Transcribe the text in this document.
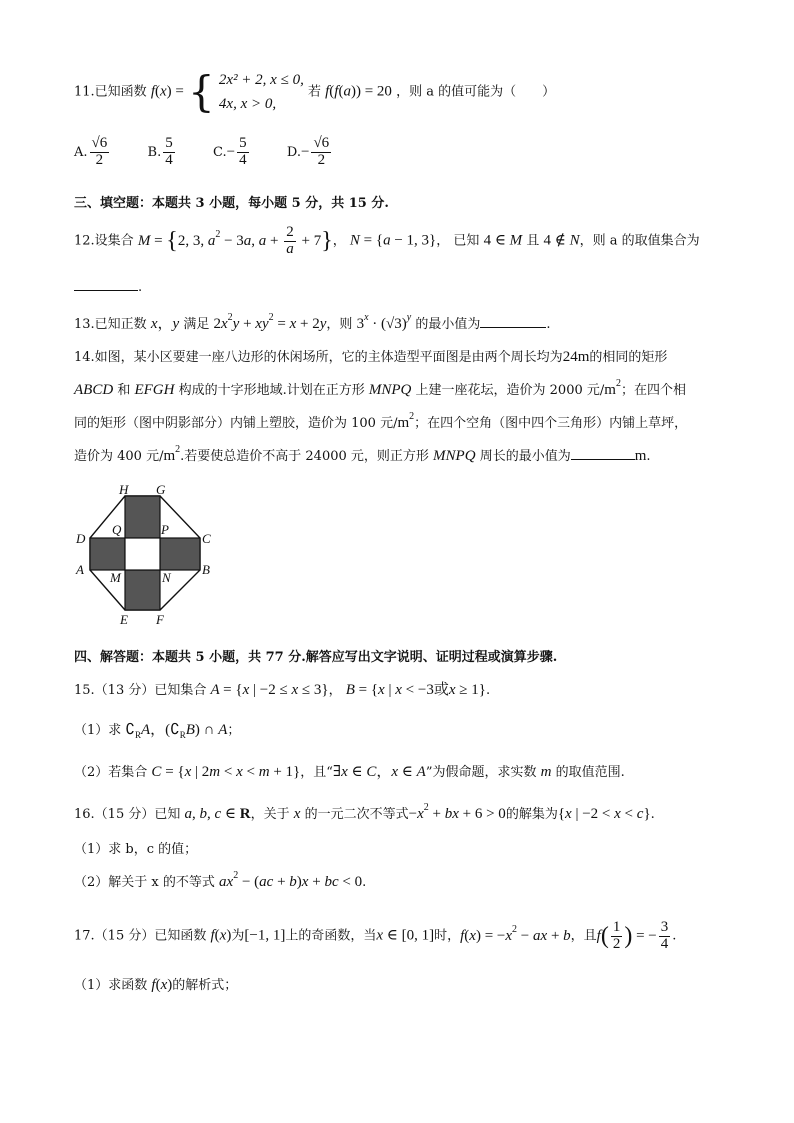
11.已知函数 f(x) = { 2x² + 2, x ≤ 0,
4x, x > 0,
若 f(f(a)) = 20 ，则 a 的值可能为（　　）
A. $\frac{√6}{2}$	B. $\frac{5}{4}$	$C.- \frac{5}{4}$	$D.- \frac{√6}{2}$
三、填空题：本题共 3 小题，每小题 5 分，共 15 分.
12.设集合 M = {2, 3, $a^2 - 3a$, $a + \frac{2}{a} + 7$}， N = {a − 1, 3}， 已知 4 ∈ M 且 4 ∉ N，则 a 的取值集合为
.
13.已知正数 x，y 满足 $2x^2y + xy^2 = x + 2y$，则 $3^x \cdot (√3)^y$ 的最小值为	.
14.如图，某小区要建一座八边形的休闲场所，它的主体造型平面图是由两个周长均为24m的相同的矩形
ABCD 和 EFGH 构成的十字形地域.计划在正方形 MNPQ 上建一座花坛，造价为 2000 元$/m^2$；在四个相
同的矩形（图中阴影部分）内铺上塑胶，造价为 100 元$/m^2$；在四个空角（图中四个三角形）内铺上草坪，
造价为 400 元$/m^2$.若要使总造价不高于 24000 元，则正方形 MNPQ 周长的最小值为	m.
H G
Q	P
D	C
A	B
M	N
E F
四、解答题：本题共 5 小题，共 77 分.解答应写出文字说明、证明过程或演算步骤.
15.（13 分）已知集合 A = {x | −2 ≤ x ≤ 3}， B = {x | x < −3或x ≥ 1}.
（1）求 $∁_RA$，$(∁_RB)$ ∩ A；
（2）若集合 C = {x | 2m < x < m + 1}，且“∃x ∈ C，x ∈ A”为假命题，求实数 m 的取值范围.
16.（15 分）已知 a, b, c ∈ R，关于 x 的一元二次不等式$-x^2$ + bx + 6 > 0的解集为{x | −2 < x < c}.
（1）求 b，c 的值；
（2）解关于 x 的不等式 $ax^2 - (ac + b)x$ + bc < 0.
17.（15 分）已知函数 f(x)为[−1, 1]上的奇函数，当x ∈ [0, 1]时，$f(x) = -x^2$ − ax + b，且$f( \frac{1}{2}$ ) = − $\frac{3}{4}$ .
（1）求函数 f(x)的解析式；
